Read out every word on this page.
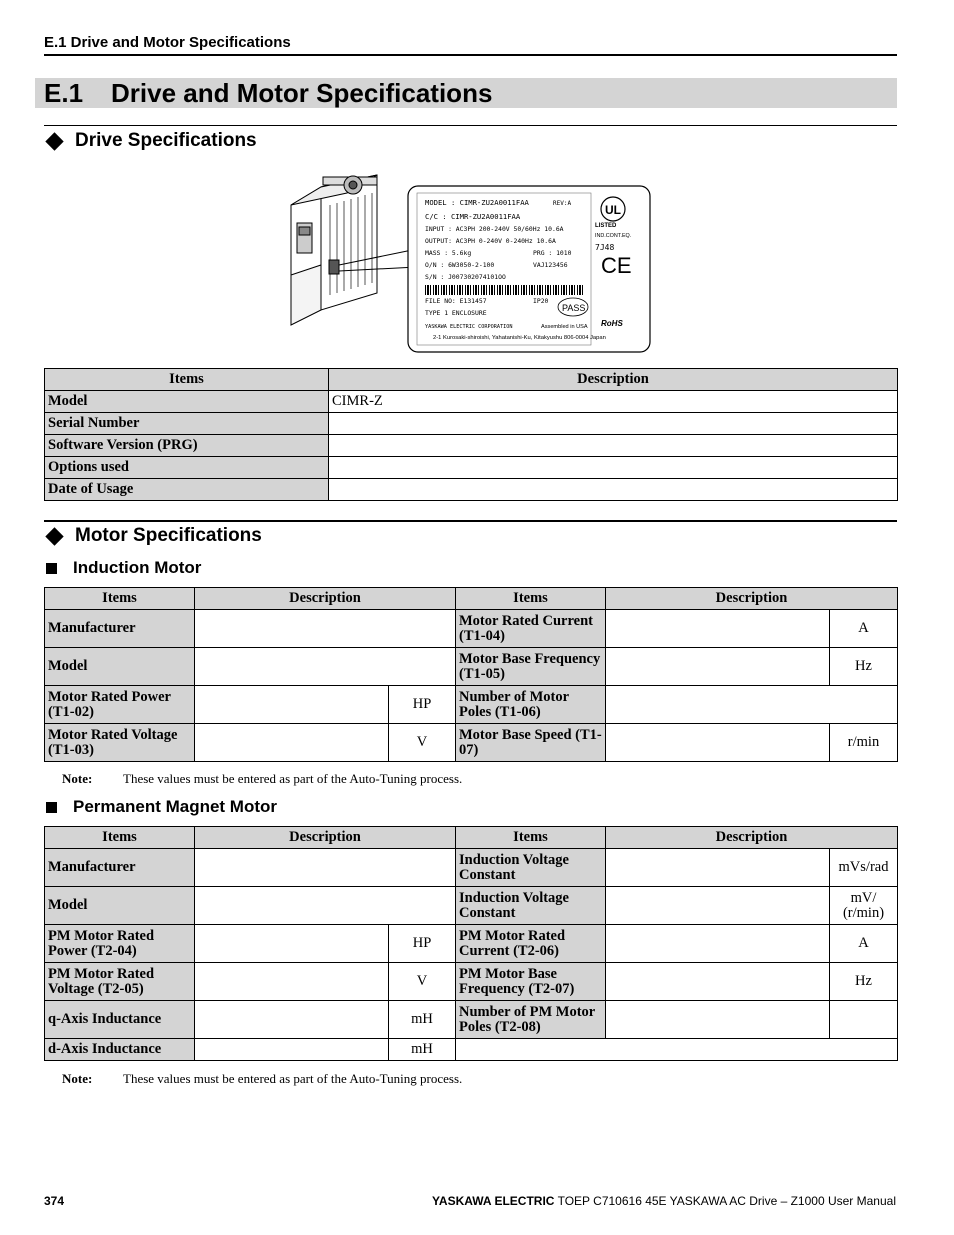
E.1 Drive and Motor Specifications
E.1 Drive and Motor Specifications
Drive Specifications
MODEL : CIMR-ZU2A0011FAA	REV:A
C/C : CIMR-ZU2A0011FAA
INPUT : AC3PH 200-240V 50/60Hz 10.6A
OUTPUT: AC3PH 0-240V 0-240Hz 10.6A
MASS : 5.6kg	PRG : 1010
O/N : 6W3050-2-100	VAJ123456
S/N : J007302074101OO
FILE NO: E131457	IP20
TYPE 1 ENCLOSURE
YASKAWA ELECTRIC CORPORATION	Assembled in USA
2-1 Kurosaki-shiroishi, Yahatanishi-Ku, Kitakyushu 806-0004 Japan
LISTED
IND.CONT.EQ.
7J48
RoHS
UL
CE
PASS
Items	Description
Model	CIMR-Z
Serial Number	
Software Version (PRG)	
Options used	
Date of Usage	
Motor Specifications
Induction Motor
Items	Description		Items	Description	
Manufacturer			Motor Rated Current (T1-04)		A
Model			Motor Base Frequency (T1-05)		Hz
Motor Rated Power (T1-02)		HP	Number of Motor Poles (T1-06)		
Motor Rated Voltage (T1-03)		V	Motor Base Speed (T1-07)		r/min
Note: These values must be entered as part of the Auto-Tuning process.
Permanent Magnet Motor
Items	Description		Items	Description	
Manufacturer			Induction Voltage Constant		mVs/rad
Model			Induction Voltage Constant		mV/ (r/min)
PM Motor Rated Power (T2-04)		HP	PM Motor Rated Current (T2-06)		A
PM Motor Rated Voltage (T2-05)		V	PM Motor Base Frequency (T2-07)		Hz
q-Axis Inductance		mH	Number of PM Motor Poles (T2-08)		
d-Axis Inductance		mH			
Note: These values must be entered as part of the Auto-Tuning process.
374	YASKAWA ELECTRIC TOEP C710616 45E YASKAWA AC Drive – Z1000 User Manual
